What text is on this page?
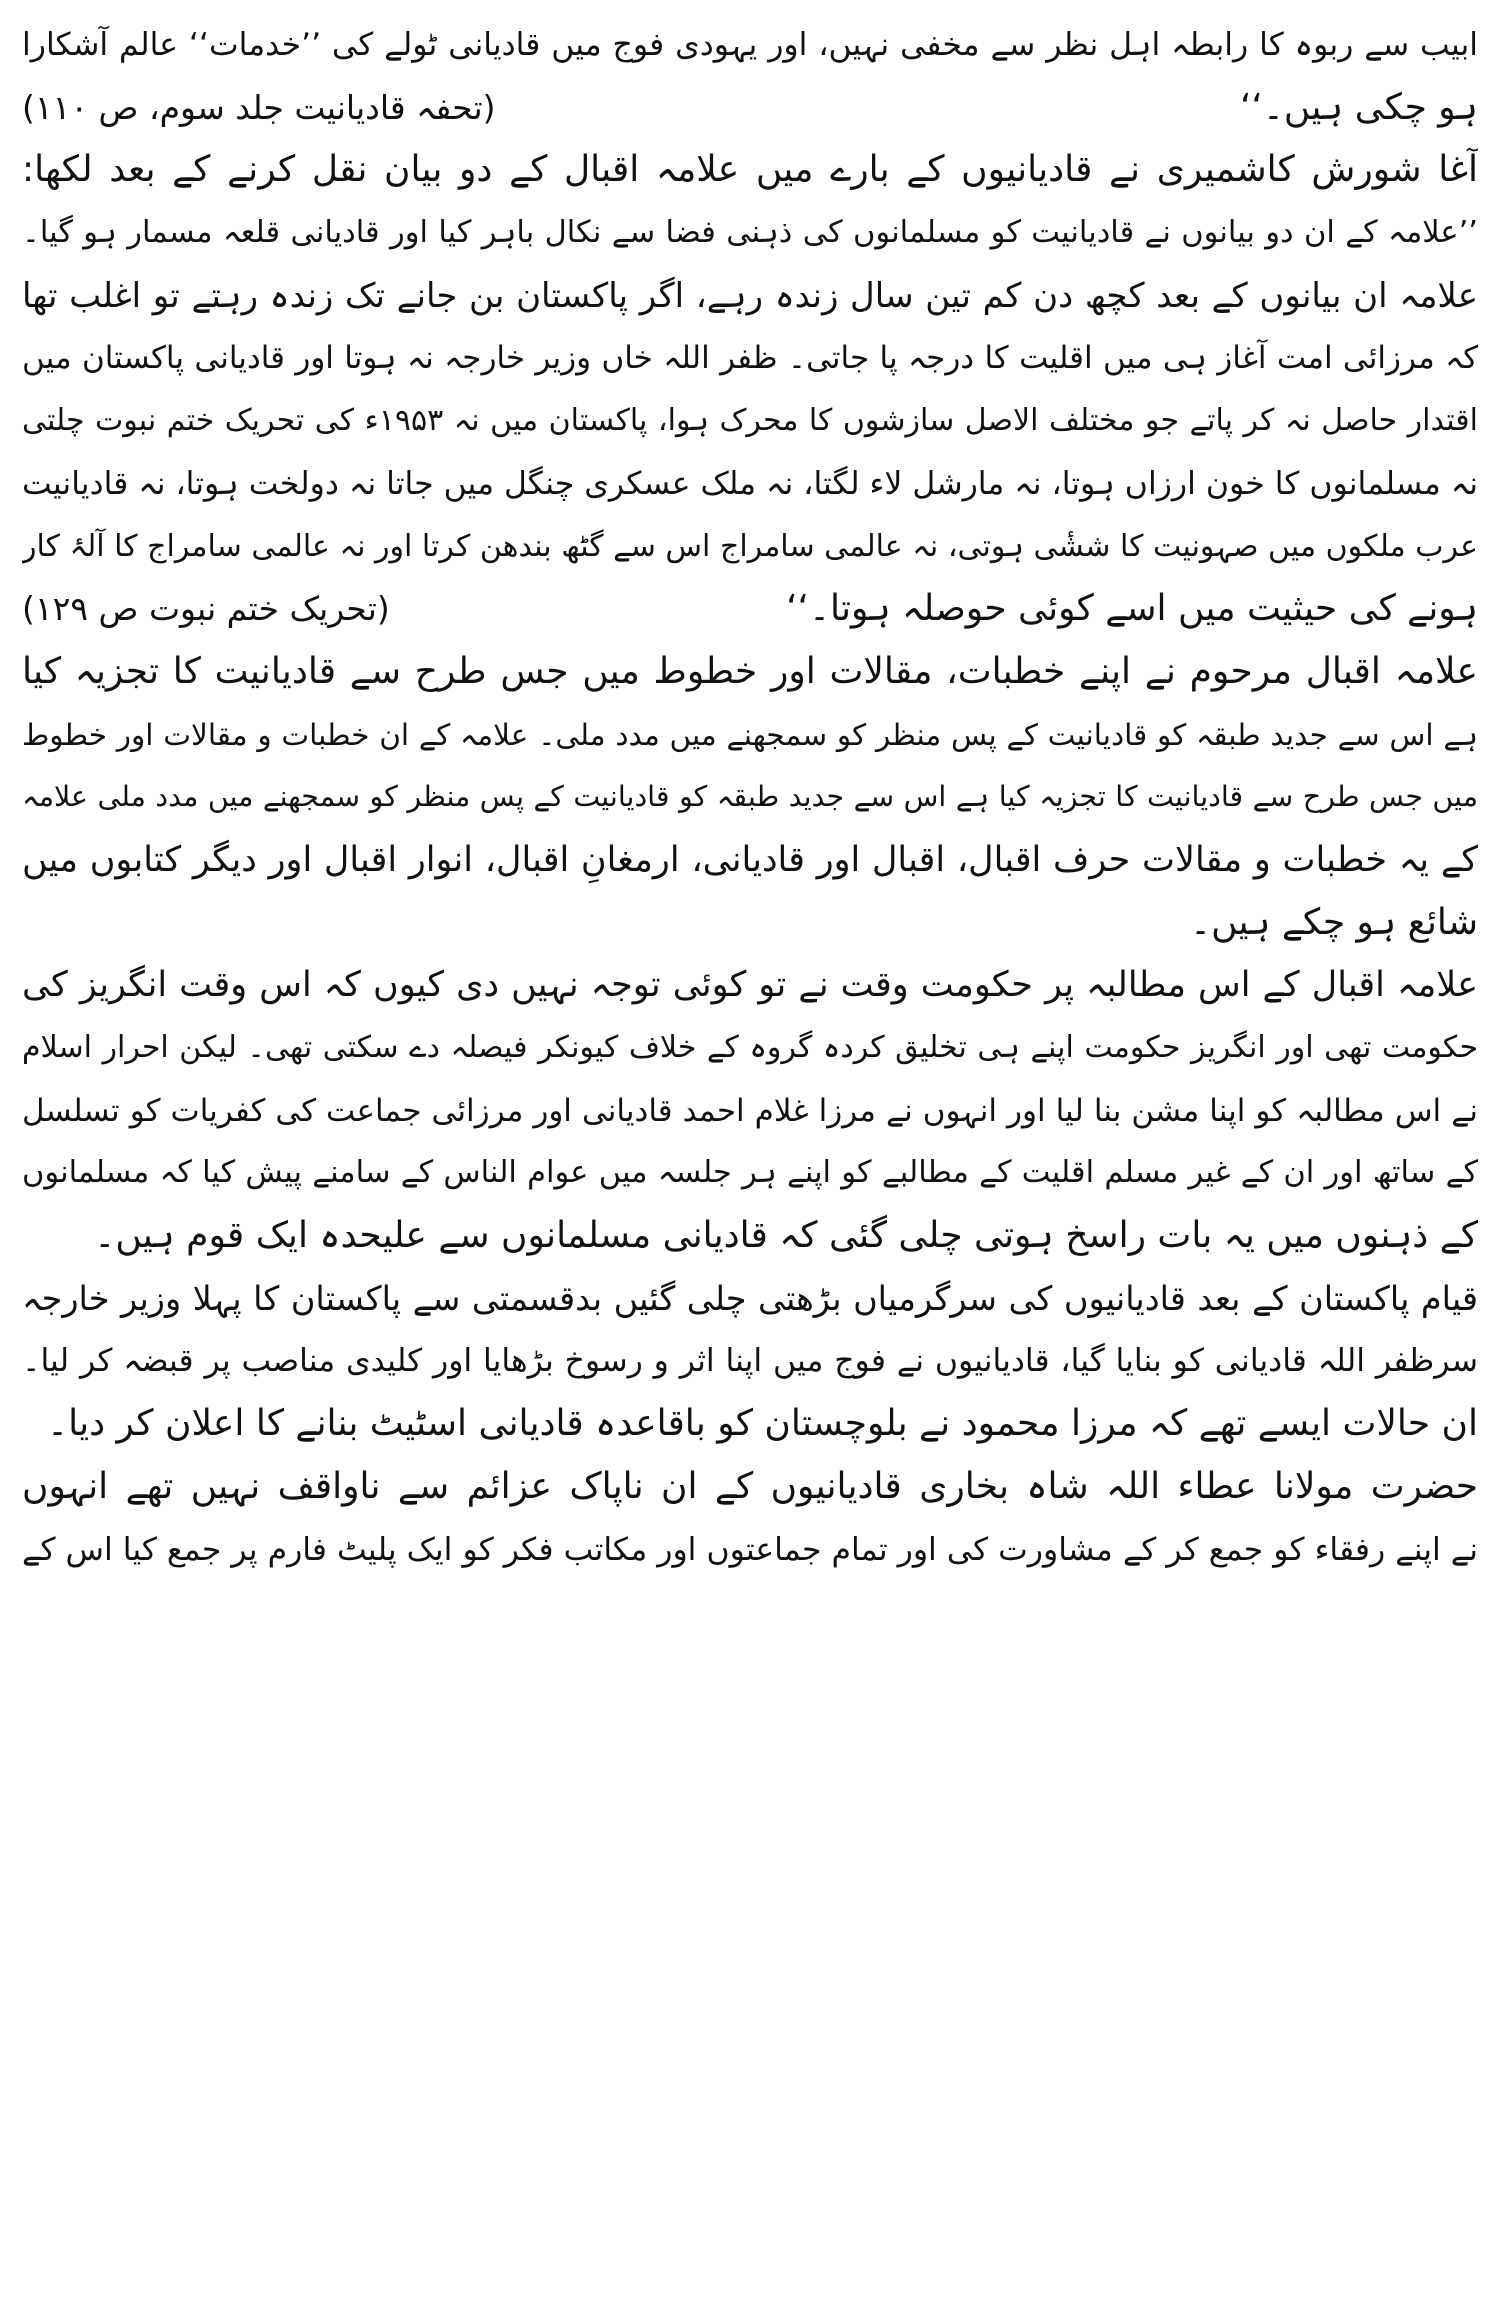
ابیب سے ربوہ کا رابطہ اہل نظر سے مخفی نہیں، اور یہودی فوج میں قادیانی ٹولے کی ’’خدمات‘‘ عالم آشکارا
ہو چکی ہیں۔‘‘
(تحفہ قادیانیت جلد سوم، ص ۱۱۰)
آغا شورش کاشمیری نے قادیانیوں کے بارے میں علامہ اقبال کے دو بیان نقل کرنے کے بعد لکھا:
’’علامہ کے ان دو بیانوں نے قادیانیت کو مسلمانوں کی ذہنی فضا سے نکال باہر کیا اور قادیانی قلعہ مسمار ہو گیا۔
علامہ ان بیانوں کے بعد کچھ دن کم تین سال زندہ رہے، اگر پاکستان بن جانے تک زندہ رہتے تو اغلب تھا
کہ مرزائی امت آغاز ہی میں اقلیت کا درجہ پا جاتی۔ ظفر اللہ خاں وزیر خارجہ نہ ہوتا اور قادیانی پاکستان میں
اقتدار حاصل نہ کر پاتے جو مختلف الاصل سازشوں کا محرک ہوا، پاکستان میں نہ ۱۹۵۳ء کی تحریک ختم نبوت چلتی
نہ مسلمانوں کا خون ارزاں ہوتا، نہ مارشل لاء لگتا، نہ ملک عسکری چنگل میں جاتا نہ دولخت ہوتا، نہ قادیانیت
عرب ملکوں میں صہونیت کا ششٔی ہوتی، نہ عالمی سامراج اس سے گٹھ بندھن کرتا اور نہ عالمی سامراج کا آلۂ کار
ہونے کی حیثیت میں اسے کوئی حوصلہ ہوتا۔‘‘
(تحریک ختم نبوت ص ۱۲۹)
علامہ اقبال مرحوم نے اپنے خطبات، مقالات اور خطوط میں جس طرح سے قادیانیت کا تجزیہ کیا
ہے اس سے جدید طبقہ کو قادیانیت کے پس منظر کو سمجھنے میں مدد ملی۔ علامہ کے ان خطبات و مقالات اور خطوط
میں جس طرح سے قادیانیت کا تجزیہ کیا ہے اس سے جدید طبقہ کو قادیانیت کے پس منظر کو سمجھنے میں مدد ملی علامہ
کے یہ خطبات و مقالات حرف اقبال، اقبال اور قادیانی، ارمغانِ اقبال، انوار اقبال اور دیگر کتابوں میں
شائع ہو چکے ہیں۔
علامہ اقبال کے اس مطالبہ پر حکومت وقت نے تو کوئی توجہ نہیں دی کیوں کہ اس وقت انگریز کی
حکومت تھی اور انگریز حکومت اپنے ہی تخلیق کردہ گروہ کے خلاف کیونکر فیصلہ دے سکتی تھی۔ لیکن احرار اسلام
نے اس مطالبہ کو اپنا مشن بنا لیا اور انہوں نے مرزا غلام احمد قادیانی اور مرزائی جماعت کی کفریات کو تسلسل
کے ساتھ اور ان کے غیر مسلم اقلیت کے مطالبے کو اپنے ہر جلسہ میں عوام الناس کے سامنے پیش کیا کہ مسلمانوں
کے ذہنوں میں یہ بات راسخ ہوتی چلی گئی کہ قادیانی مسلمانوں سے علیحدہ ایک قوم ہیں۔
قیام پاکستان کے بعد قادیانیوں کی سرگرمیاں بڑھتی چلی گئیں بدقسمتی سے پاکستان کا پہلا وزیر خارجہ
سرظفر اللہ قادیانی کو بنایا گیا، قادیانیوں نے فوج میں اپنا اثر و رسوخ بڑھایا اور کلیدی مناصب پر قبضہ کر لیا۔
ان حالات ایسے تھے کہ مرزا محمود نے بلوچستان کو باقاعدہ قادیانی اسٹیٹ بنانے کا اعلان کر دیا۔
حضرت مولانا عطاء اللہ شاہ بخاری قادیانیوں کے ان ناپاک عزائم سے ناواقف نہیں تھے انہوں
نے اپنے رفقاء کو جمع کر کے مشاورت کی اور تمام جماعتوں اور مکاتب فکر کو ایک پلیٹ فارم پر جمع کیا اس کے
